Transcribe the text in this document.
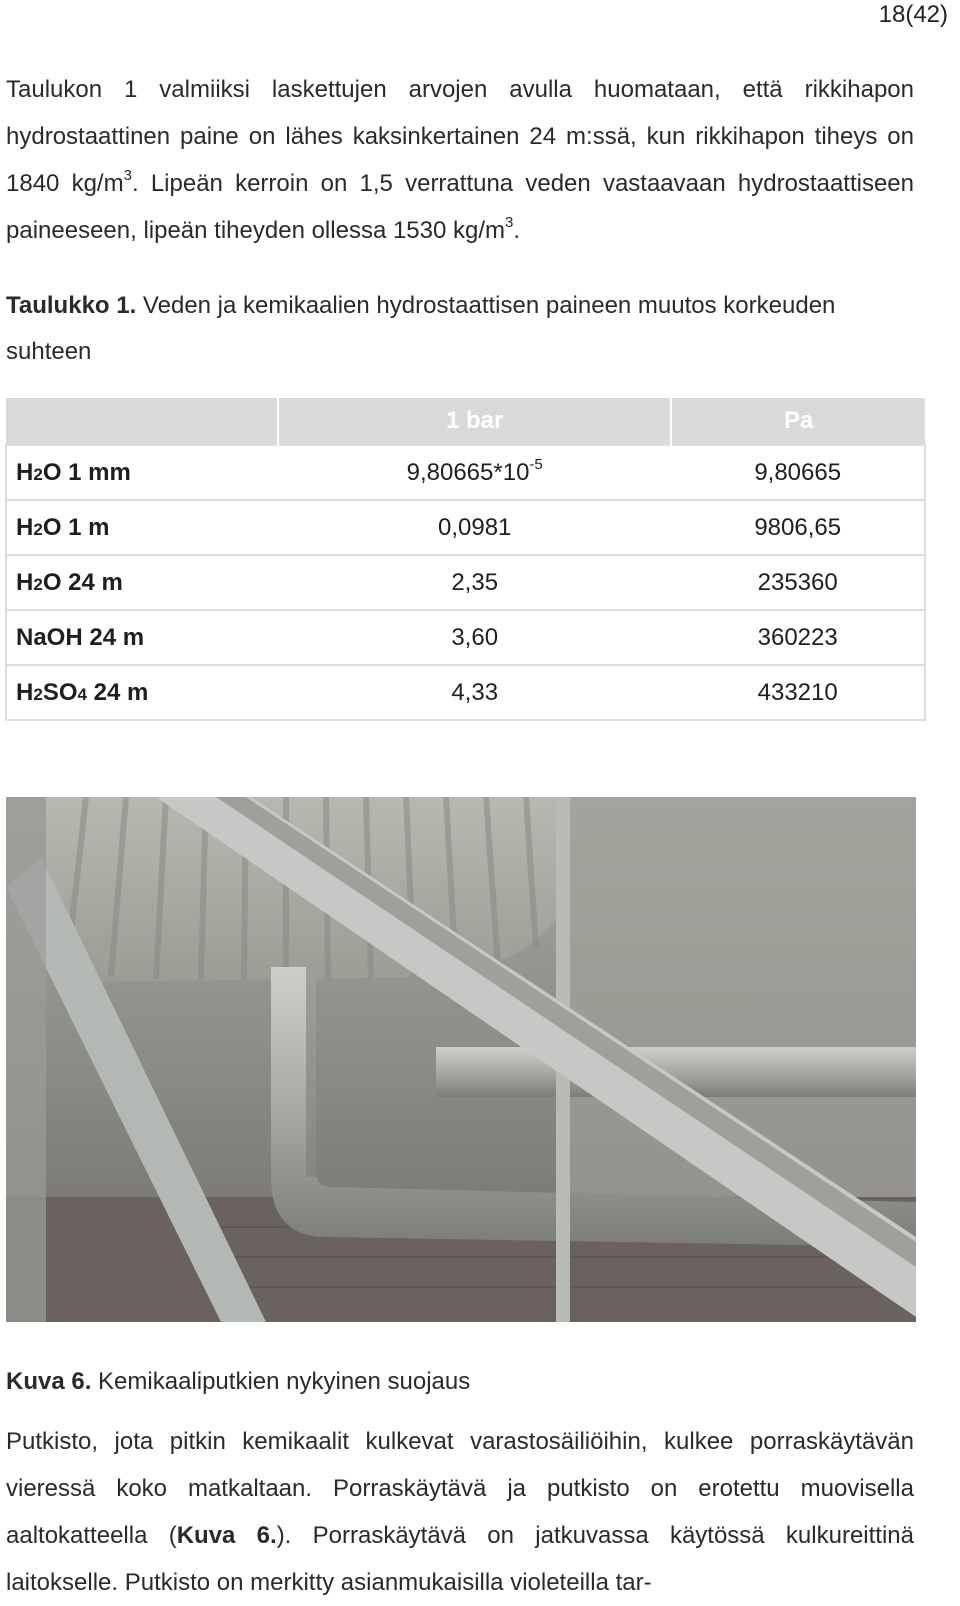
18(42)

Taulukon 1 valmiiksi laskettujen arvojen avulla huomataan, että rikkihapon hydrostaattinen paine on lähes kaksinkertainen 24 m:ssä, kun rikkihapon tiheys on 1840 $kg/m^3$. Lipeän kerroin on 1,5 verrattuna veden vastaavaan hydrostaattiseen paineeseen, lipeän tiheyden ollessa 1530 $kg/m^3$.

Taulukko 1. Veden ja kemikaalien hydrostaattisen paineen muutos korkeuden suhteen

	1 bar	Pa
H2O 1 mm	$9,80665*10^{-5}$	9,80665
H2O 1 m	0,0981	9806,65
H2O 24 m	2,35	235360
NaOH 24 m	3,60	360223
H2SO4 24 m	4,33	433210

Kuva 6. Kemikaaliputkien nykyinen suojaus

Putkisto, jota pitkin kemikaalit kulkevat varastosäiliöihin, kulkee porraskäytävän vieressä koko matkaltaan. Porraskäytävä ja putkisto on erotettu muovisella aaltokatteella (Kuva 6.). Porraskäytävä on jatkuvassa käytössä kulkureittinä laitokselle. Putkisto on merkitty asianmukaisilla violeteilla tar-
